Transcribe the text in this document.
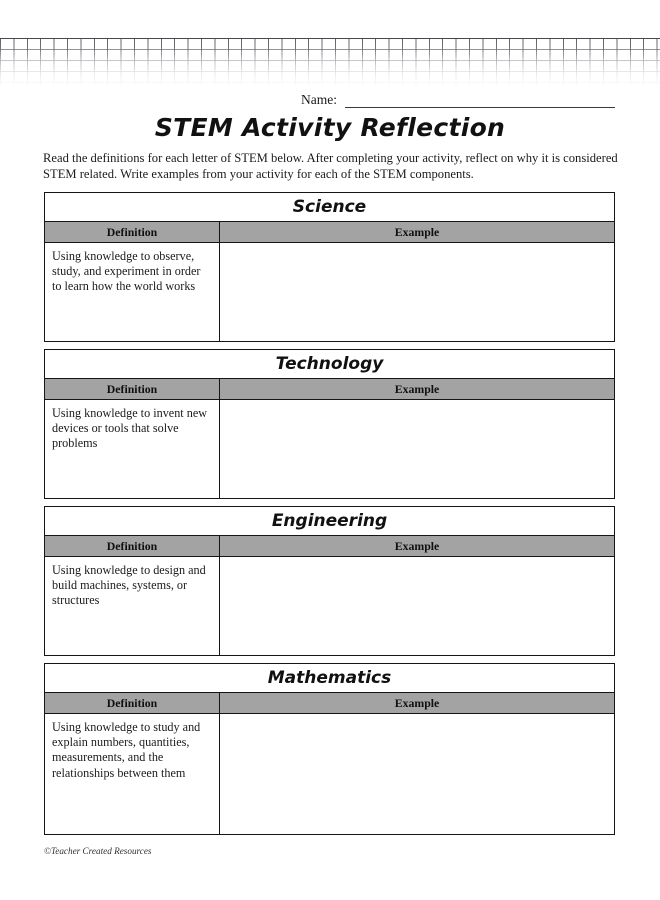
Name:
STEM Activity Reflection
Read the definitions for each letter of STEM below. After completing your activity, reflect on why it is considered STEM related. Write examples from your activity for each of the STEM components.
Science
Definition	Example
Using knowledge to observe, study, and experiment in order to learn how the world works
Technology
Definition	Example
Using knowledge to invent new devices or tools that solve problems
Engineering
Definition	Example
Using knowledge to design and build machines, systems, or structures
Mathematics
Definition	Example
Using knowledge to study and explain numbers, quantities, measurements, and the relationships between them
©Teacher Created Resources
